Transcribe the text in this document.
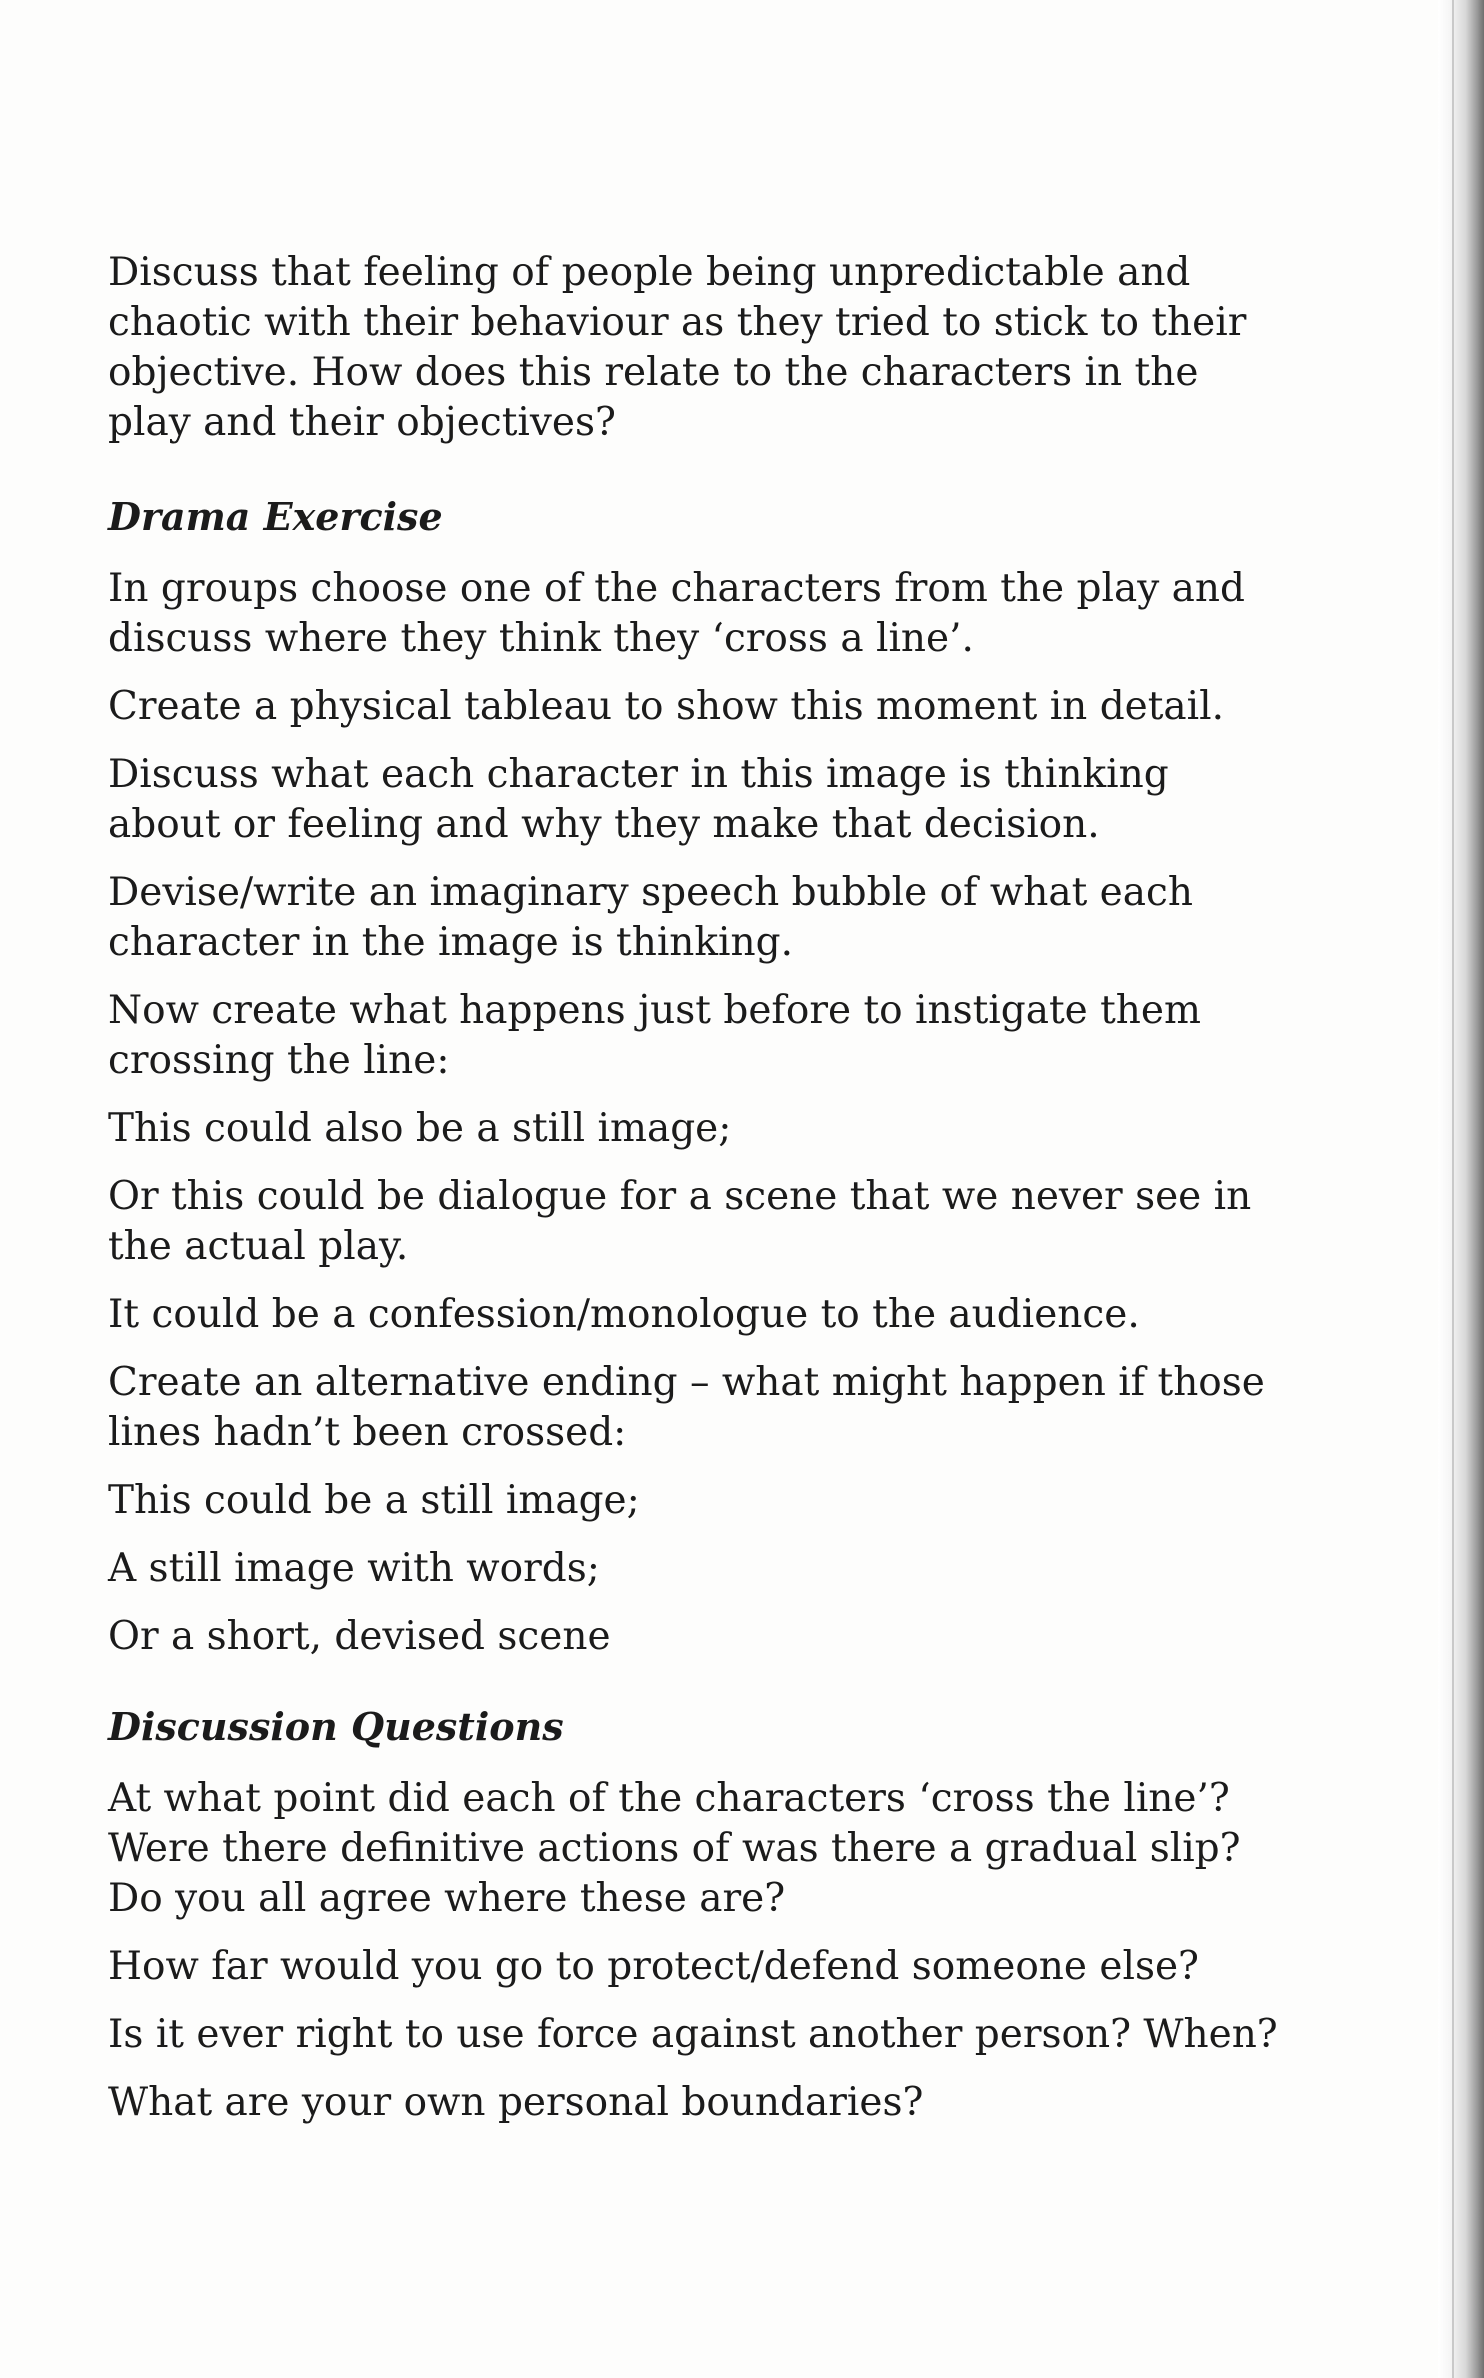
Discuss that feeling of people being unpredictable and chaotic with their behaviour as they tried to stick to their objective. How does this relate to the characters in the play and their objectives?

Drama Exercise

In groups choose one of the characters from the play and discuss where they think they ‘cross a line’.

Create a physical tableau to show this moment in detail.

Discuss what each character in this image is thinking about or feeling and why they make that decision.

Devise/write an imaginary speech bubble of what each character in the image is thinking.

Now create what happens just before to instigate them crossing the line:

This could also be a still image;

Or this could be dialogue for a scene that we never see in the actual play.

It could be a confession/monologue to the audience.

Create an alternative ending – what might happen if those lines hadn’t been crossed:

This could be a still image;

A still image with words;

Or a short, devised scene

Discussion Questions

At what point did each of the characters ‘cross the line’? Were there definitive actions of was there a gradual slip? Do you all agree where these are?

How far would you go to protect/defend someone else?

Is it ever right to use force against another person? When?

What are your own personal boundaries?
